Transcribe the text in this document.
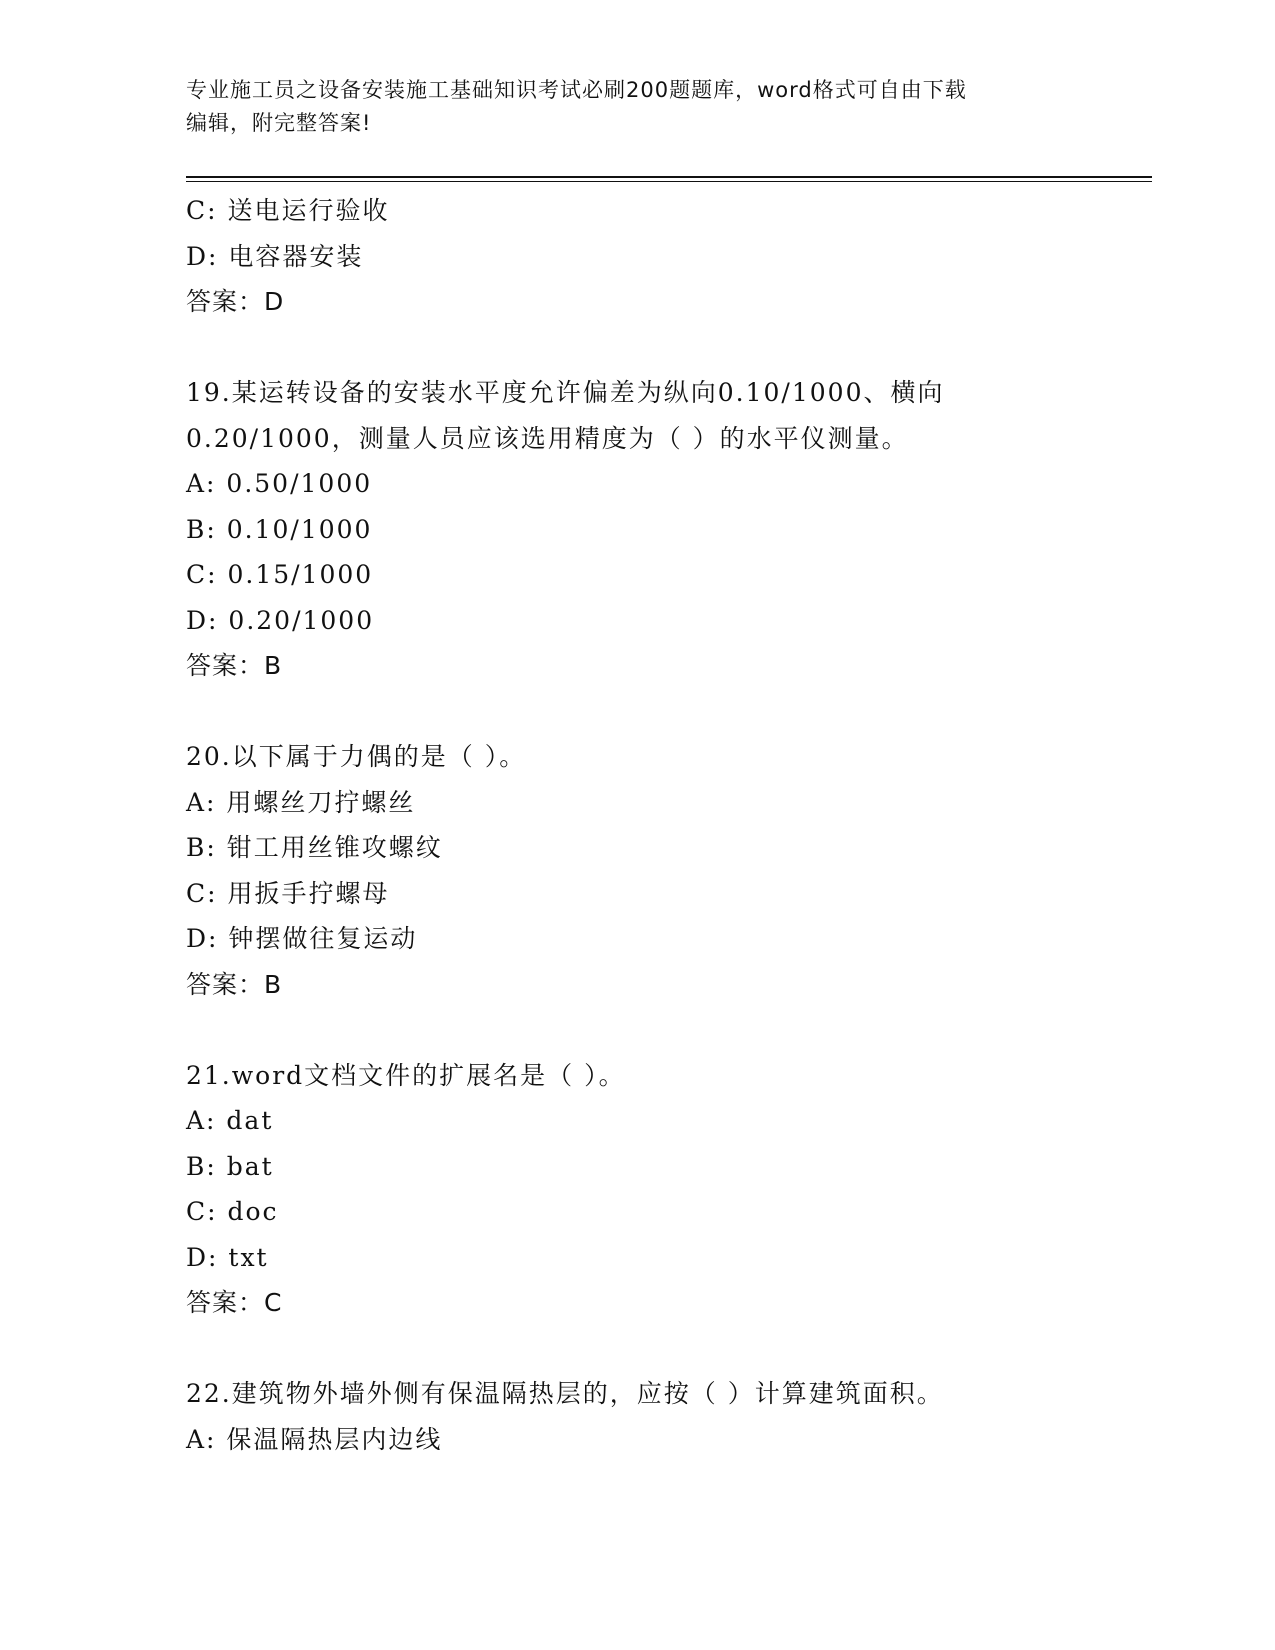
专业施工员之设备安装施工基础知识考试必刷200题题库，word格式可自由下载
编辑，附完整答案!
C: 送电运行验收
D: 电容器安装
答案：D
19.某运转设备的安装水平度允许偏差为纵向0.10/1000、横向
0.20/1000，测量人员应该选用精度为（ ）的水平仪测量。
A: 0.50/1000
B: 0.10/1000
C: 0.15/1000
D: 0.20/1000
答案：B
20.以下属于力偶的是（ ）。
A: 用螺丝刀拧螺丝
B: 钳工用丝锥攻螺纹
C: 用扳手拧螺母
D: 钟摆做往复运动
答案：B
21.word文档文件的扩展名是（ ）。
A: dat
B: bat
C: doc
D: txt
答案：C
22.建筑物外墙外侧有保温隔热层的，应按（ ）计算建筑面积。
A: 保温隔热层内边线
